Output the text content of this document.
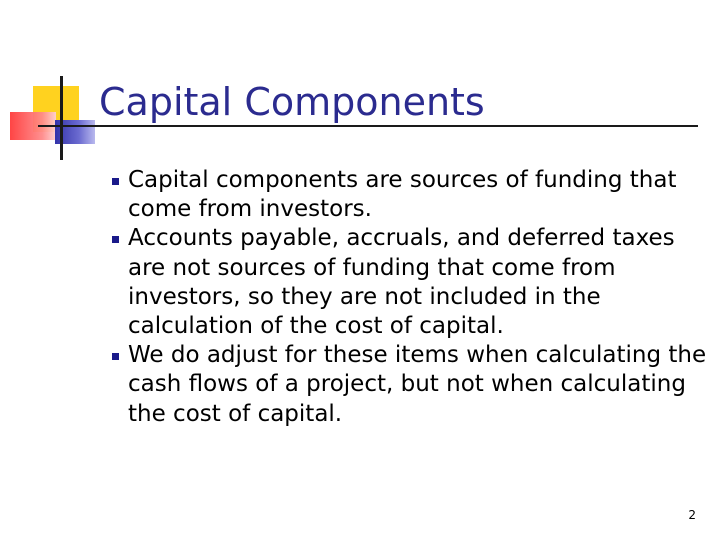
Capital Components
Capital components are sources of funding that come from investors.
Accounts payable, accruals, and deferred taxes are not sources of funding that come from investors, so they are not included in the calculation of the cost of capital.
We do adjust for these items when calculating the cash flows of a project, but not when calculating the cost of capital.
2
